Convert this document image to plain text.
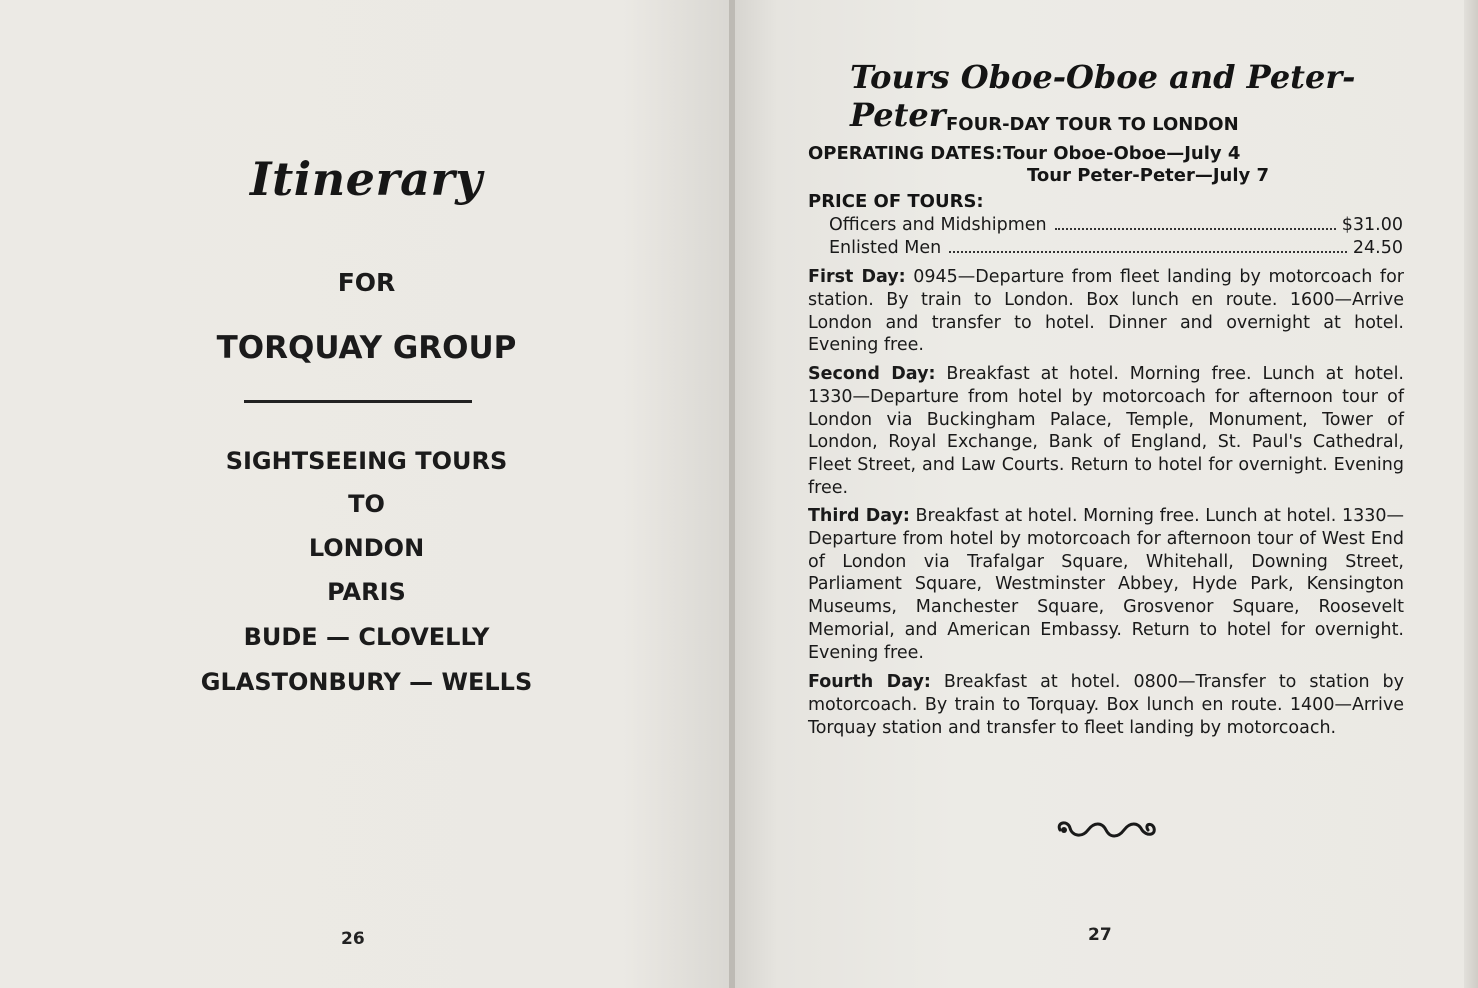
Itinerary
FOR
TORQUAY GROUP
SIGHTSEEING TOURS
TO
LONDON
PARIS
BUDE — CLOVELLY
GLASTONBURY — WELLS
26
Tours Oboe-Oboe and Peter-Peter FOUR-DAY TOUR TO LONDON
OPERATING DATES: Tour Oboe-Oboe—July 4
Tour Peter-Peter—July 7
PRICE OF TOURS:
Officers and Midshipmen	$31.00
Enlisted Men	24.50
First Day: 0945—Departure from fleet landing by motorcoach for station. By train to London. Box lunch en route. 1600—Arrive London and transfer to hotel. Dinner and overnight at hotel. Evening free.
Second Day: Breakfast at hotel. Morning free. Lunch at hotel. 1330—Departure from hotel by motorcoach for afternoon tour of London via Buckingham Palace, Temple, Monument, Tower of London, Royal Exchange, Bank of England, St. Paul's Cathedral, Fleet Street, and Law Courts. Return to hotel for overnight. Evening free.
Third Day: Breakfast at hotel. Morning free. Lunch at hotel. 1330—Departure from hotel by motorcoach for afternoon tour of West End of London via Trafalgar Square, Whitehall, Downing Street, Parliament Square, Westminster Abbey, Hyde Park, Kensington Museums, Manchester Square, Grosvenor Square, Roosevelt Memorial, and American Embassy. Return to hotel for overnight. Evening free.
Fourth Day: Breakfast at hotel. 0800—Transfer to station by motorcoach. By train to Torquay. Box lunch en route. 1400—Arrive Torquay station and transfer to fleet landing by motorcoach.
27
